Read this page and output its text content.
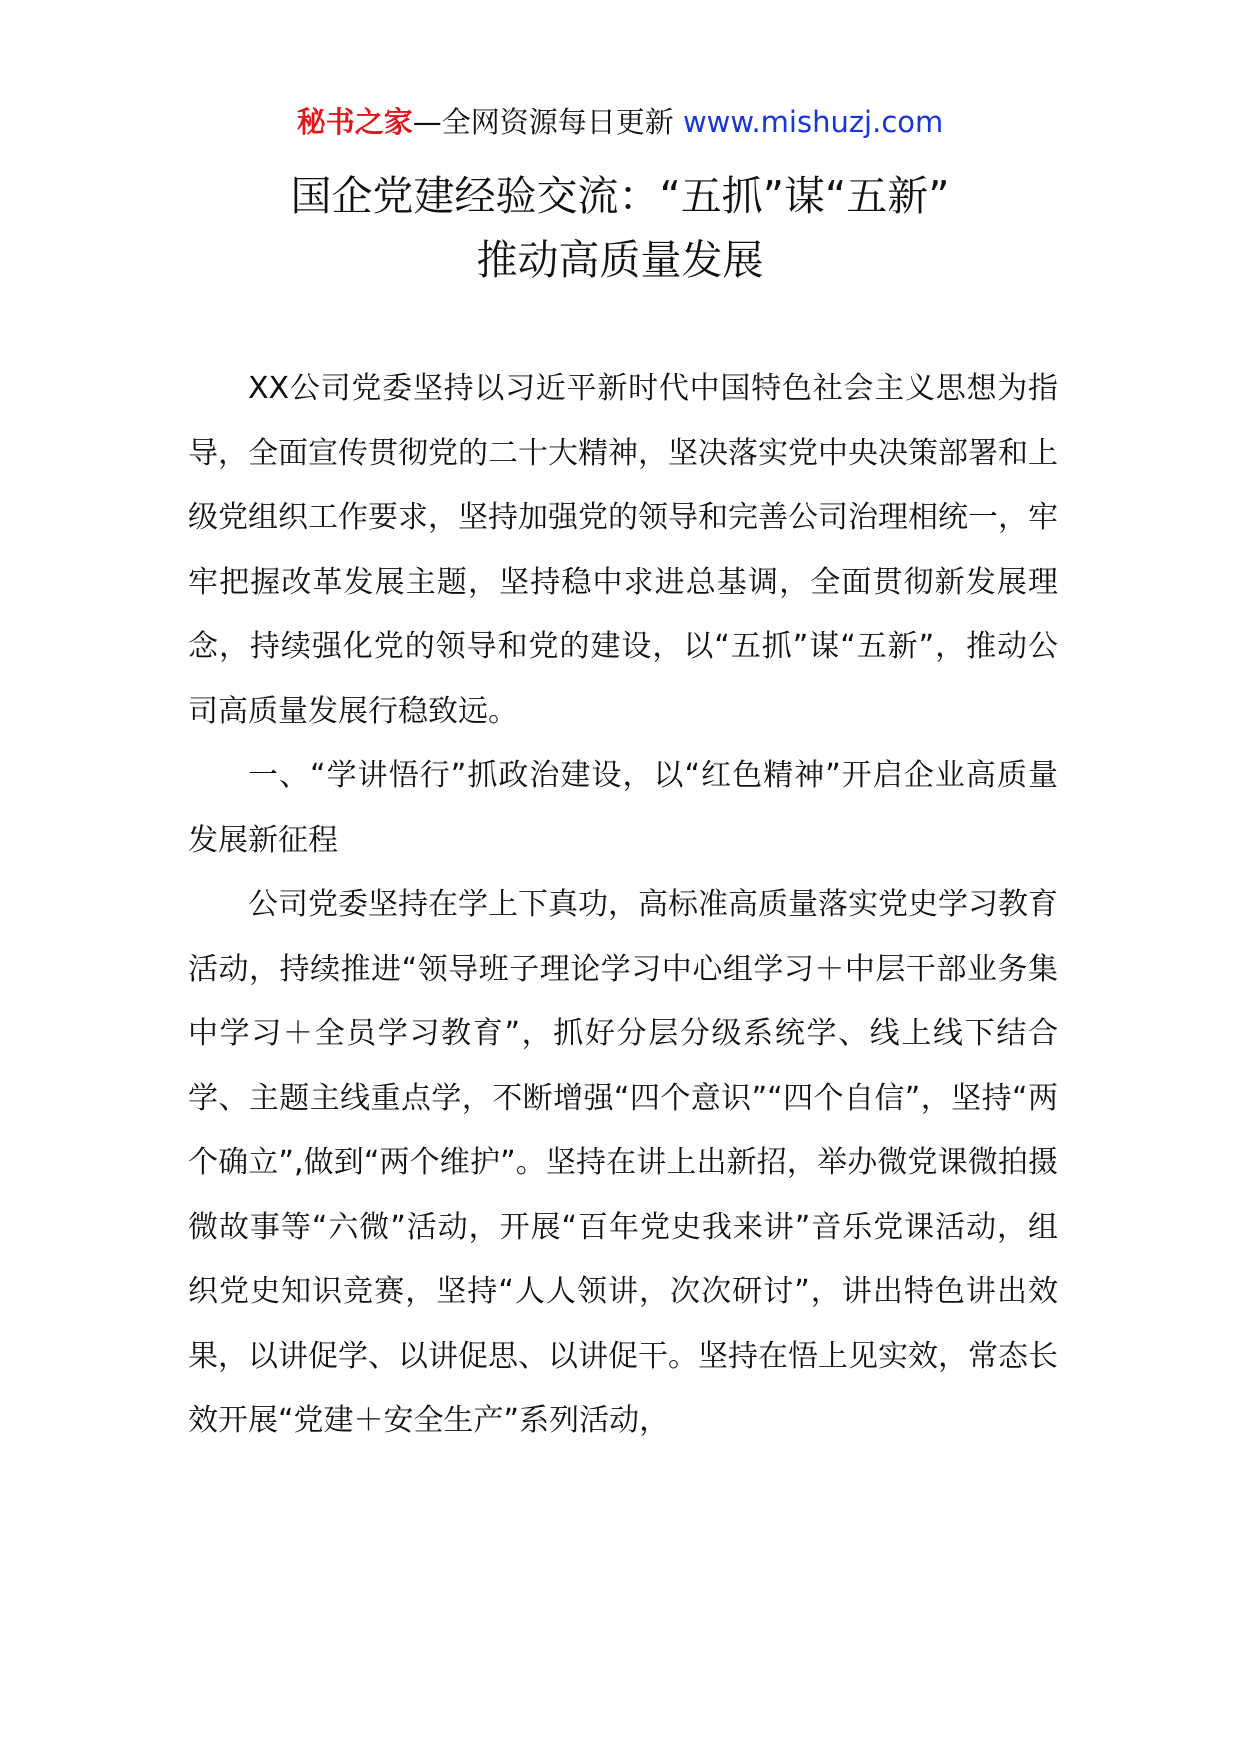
秘书之家—全网资源每日更新 www.mishuzj.com
国企党建经验交流：“五抓”谋“五新”
推动高质量发展

XX公司党委坚持以习近平新时代中国特色社会主义思想为指导，全面宣传贯彻党的二十大精神，坚决落实党中央决策部署和上级党组织工作要求，坚持加强党的领导和完善公司治理相统一，牢牢把握改革发展主题，坚持稳中求进总基调，全面贯彻新发展理念，持续强化党的领导和党的建设，以“五抓”谋“五新”，推动公司高质量发展行稳致远。

一、“学讲悟行”抓政治建设，以“红色精神”开启企业高质量发展新征程

公司党委坚持在学上下真功，高标准高质量落实党史学习教育活动，持续推进“领导班子理论学习中心组学习＋中层干部业务集中学习＋全员学习教育”，抓好分层分级系统学、线上线下结合学、主题主线重点学，不断增强“四个意识”“四个自信”，坚持“两个确立”,做到“两个维护”。坚持在讲上出新招，举办微党课微拍摄微故事等“六微”活动，开展“百年党史我来讲”音乐党课活动，组织党史知识竞赛，坚持“人人领讲，次次研讨”，讲出特色讲出效果，以讲促学、以讲促思、以讲促干。坚持在悟上见实效，常态长效开展“党建＋安全生产”系列活动，
